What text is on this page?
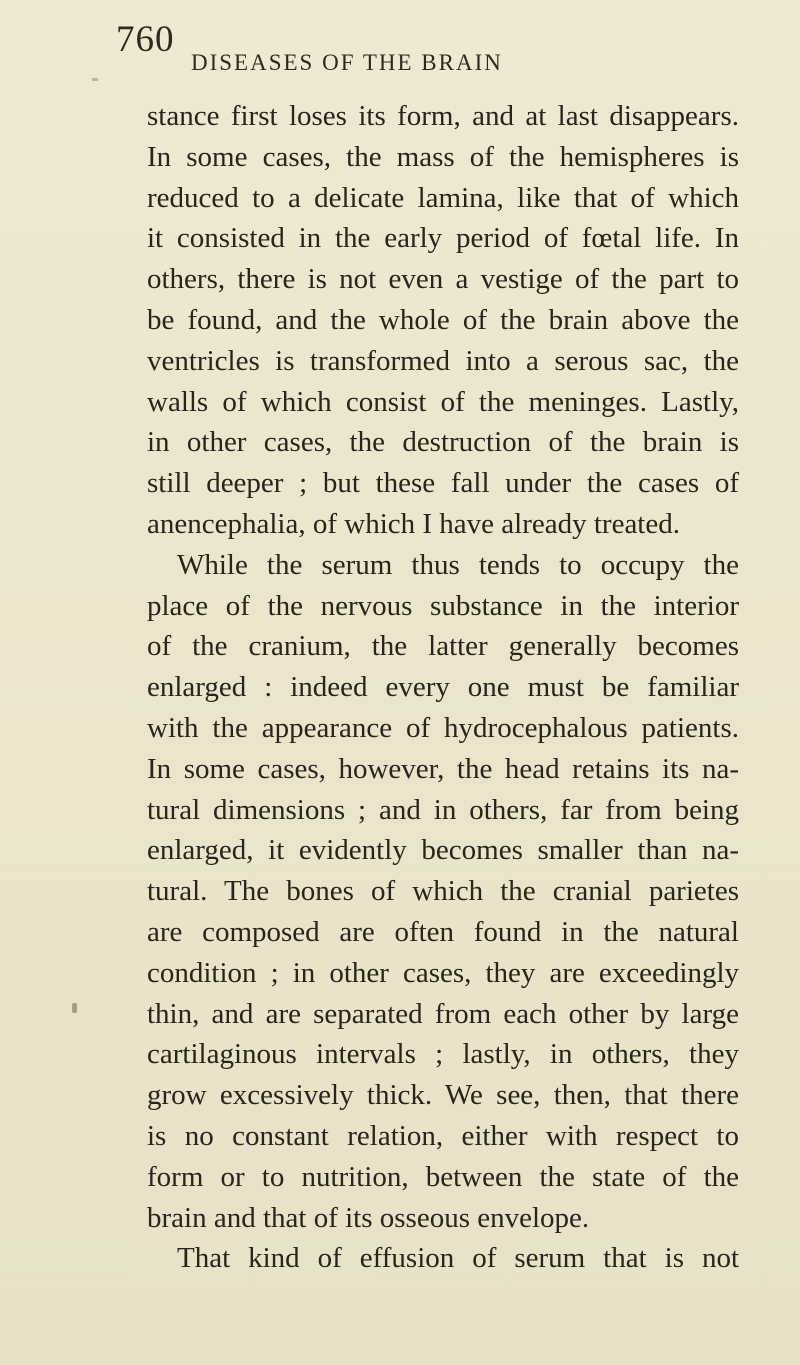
760
DISEASES OF THE BRAIN
stance first loses its form, and at last disappears.
In some cases, the mass of the hemispheres is
reduced to a delicate lamina, like that of which
it consisted in the early period of fœtal life. In
others, there is not even a vestige of the part to
be found, and the whole of the brain above the
ventricles is transformed into a serous sac, the
walls of which consist of the meninges. Lastly,
in other cases, the destruction of the brain is
still deeper ; but these fall under the cases of
anencephalia, of which I have already treated.
While the serum thus tends to occupy the
place of the nervous substance in the interior
of the cranium, the latter generally becomes
enlarged : indeed every one must be familiar
with the appearance of hydrocephalous patients.
In some cases, however, the head retains its na-
tural dimensions ; and in others, far from being
enlarged, it evidently becomes smaller than na-
tural. The bones of which the cranial parietes
are composed are often found in the natural
condition ; in other cases, they are exceedingly
thin, and are separated from each other by large
cartilaginous intervals ; lastly, in others, they
grow excessively thick. We see, then, that there
is no constant relation, either with respect to
form or to nutrition, between the state of the
brain and that of its osseous envelope.
That kind of effusion of serum that is not
